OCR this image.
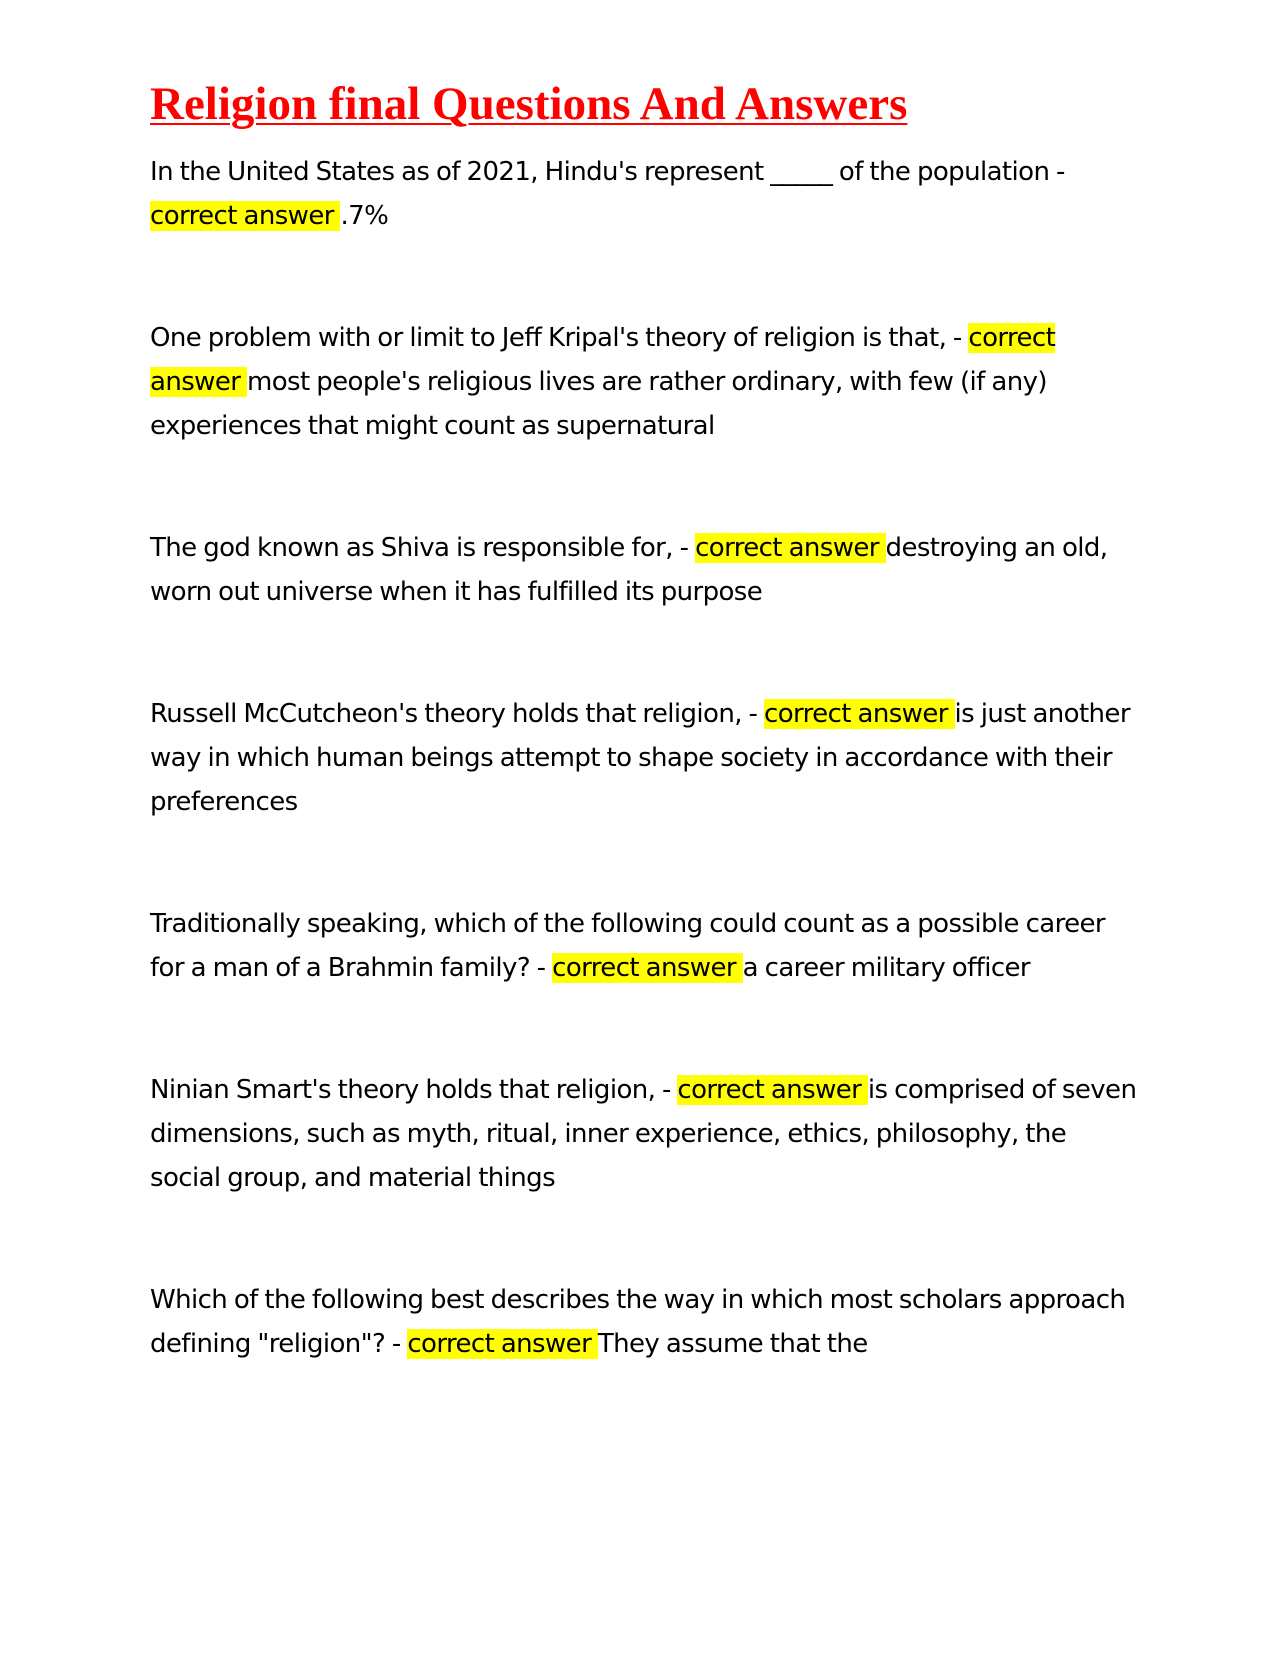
Religion final Questions And Answers

In the United States as of 2021, Hindu's represent _____ of the population - correct answer .7%

One problem with or limit to Jeff Kripal's theory of religion is that, - correct answer most people's religious lives are rather ordinary, with few (if any) experiences that might count as supernatural

The god known as Shiva is responsible for, - correct answer destroying an old, worn out universe when it has fulfilled its purpose

Russell McCutcheon's theory holds that religion, - correct answer is just another way in which human beings attempt to shape society in accordance with their preferences

Traditionally speaking, which of the following could count as a possible career for a man of a Brahmin family? - correct answer a career military officer

Ninian Smart's theory holds that religion, - correct answer is comprised of seven dimensions, such as myth, ritual, inner experience, ethics, philosophy, the social group, and material things

Which of the following best describes the way in which most scholars approach defining "religion"? - correct answer They assume that the
